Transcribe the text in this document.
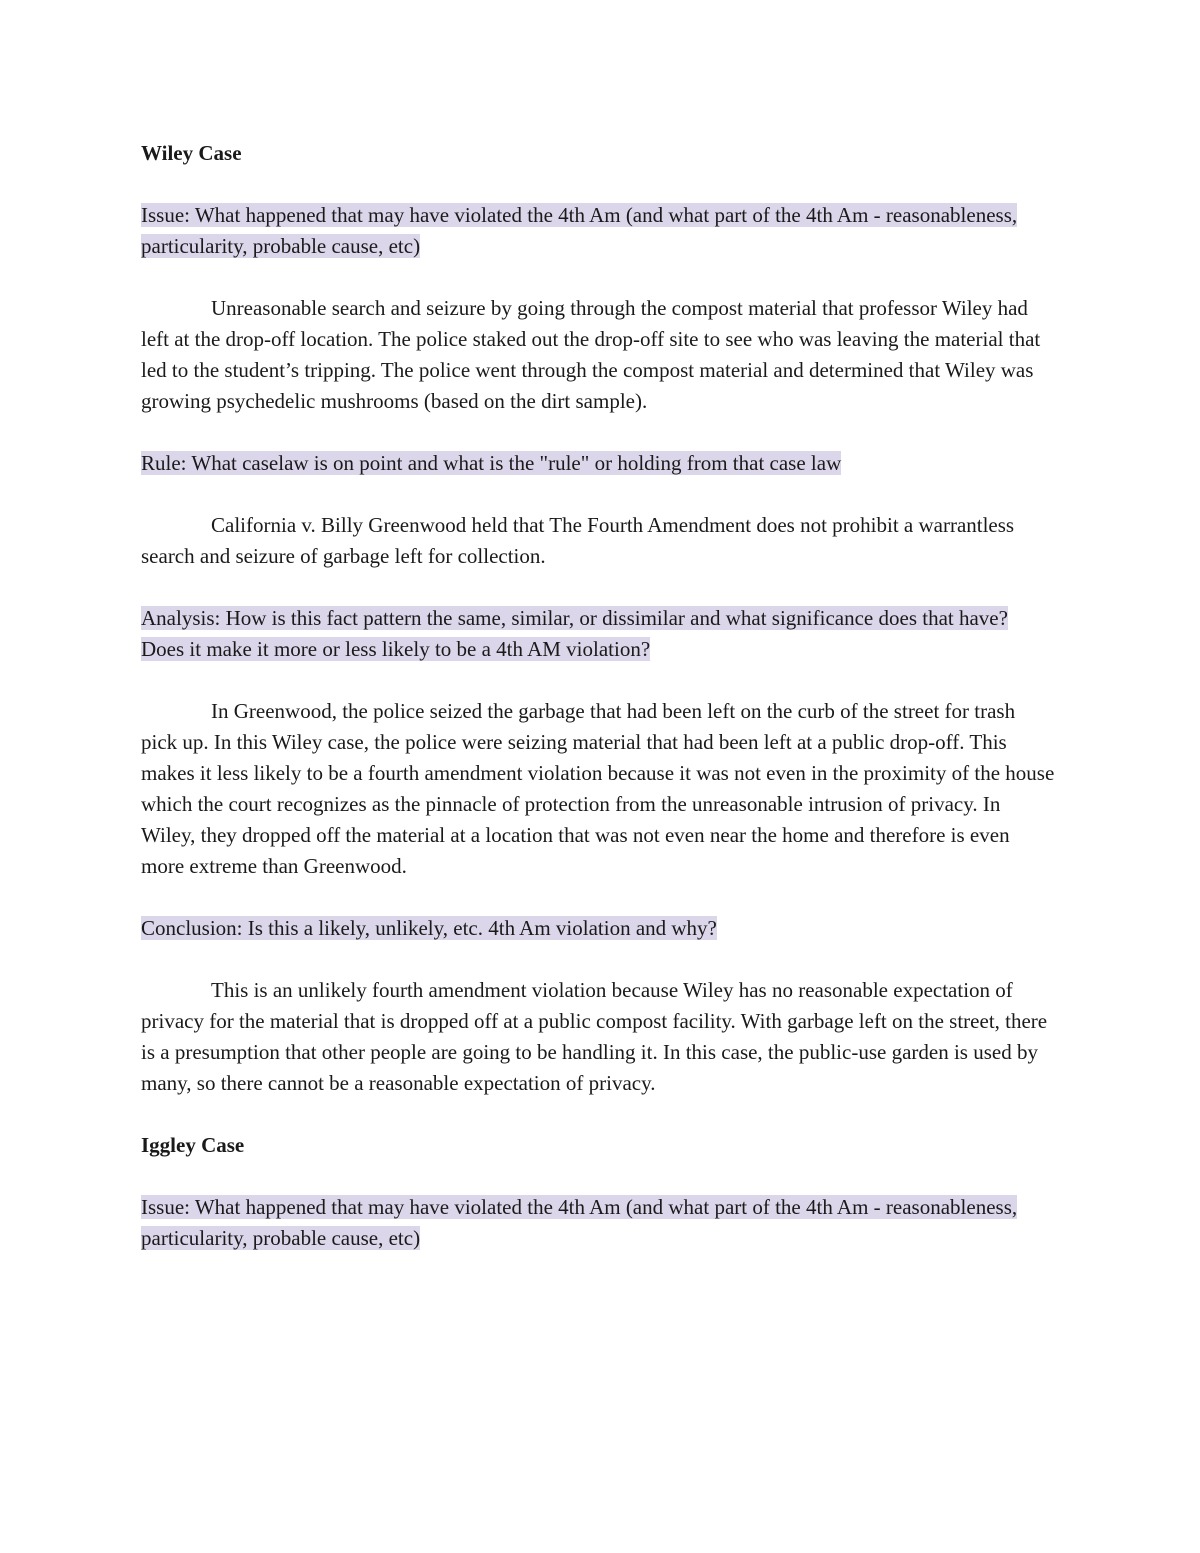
Wiley Case

Issue: What happened that may have violated the 4th Am (and what part of the 4th Am - reasonableness, particularity, probable cause, etc)

Unreasonable search and seizure by going through the compost material that professor Wiley had left at the drop-off location. The police staked out the drop-off site to see who was leaving the material that led to the student’s tripping. The police went through the compost material and determined that Wiley was growing psychedelic mushrooms (based on the dirt sample).

Rule: What caselaw is on point and what is the "rule" or holding from that case law

California v. Billy Greenwood held that The Fourth Amendment does not prohibit a warrantless search and seizure of garbage left for collection.

Analysis: How is this fact pattern the same, similar, or dissimilar and what significance does that have? Does it make it more or less likely to be a 4th AM violation?

In Greenwood, the police seized the garbage that had been left on the curb of the street for trash pick up. In this Wiley case, the police were seizing material that had been left at a public drop-off. This makes it less likely to be a fourth amendment violation because it was not even in the proximity of the house which the court recognizes as the pinnacle of protection from the unreasonable intrusion of privacy. In Wiley, they dropped off the material at a location that was not even near the home and therefore is even more extreme than Greenwood.

Conclusion: Is this a likely, unlikely, etc. 4th Am violation and why?

This is an unlikely fourth amendment violation because Wiley has no reasonable expectation of privacy for the material that is dropped off at a public compost facility. With garbage left on the street, there is a presumption that other people are going to be handling it. In this case, the public-use garden is used by many, so there cannot be a reasonable expectation of privacy.

Iggley Case

Issue: What happened that may have violated the 4th Am (and what part of the 4th Am - reasonableness, particularity, probable cause, etc)
